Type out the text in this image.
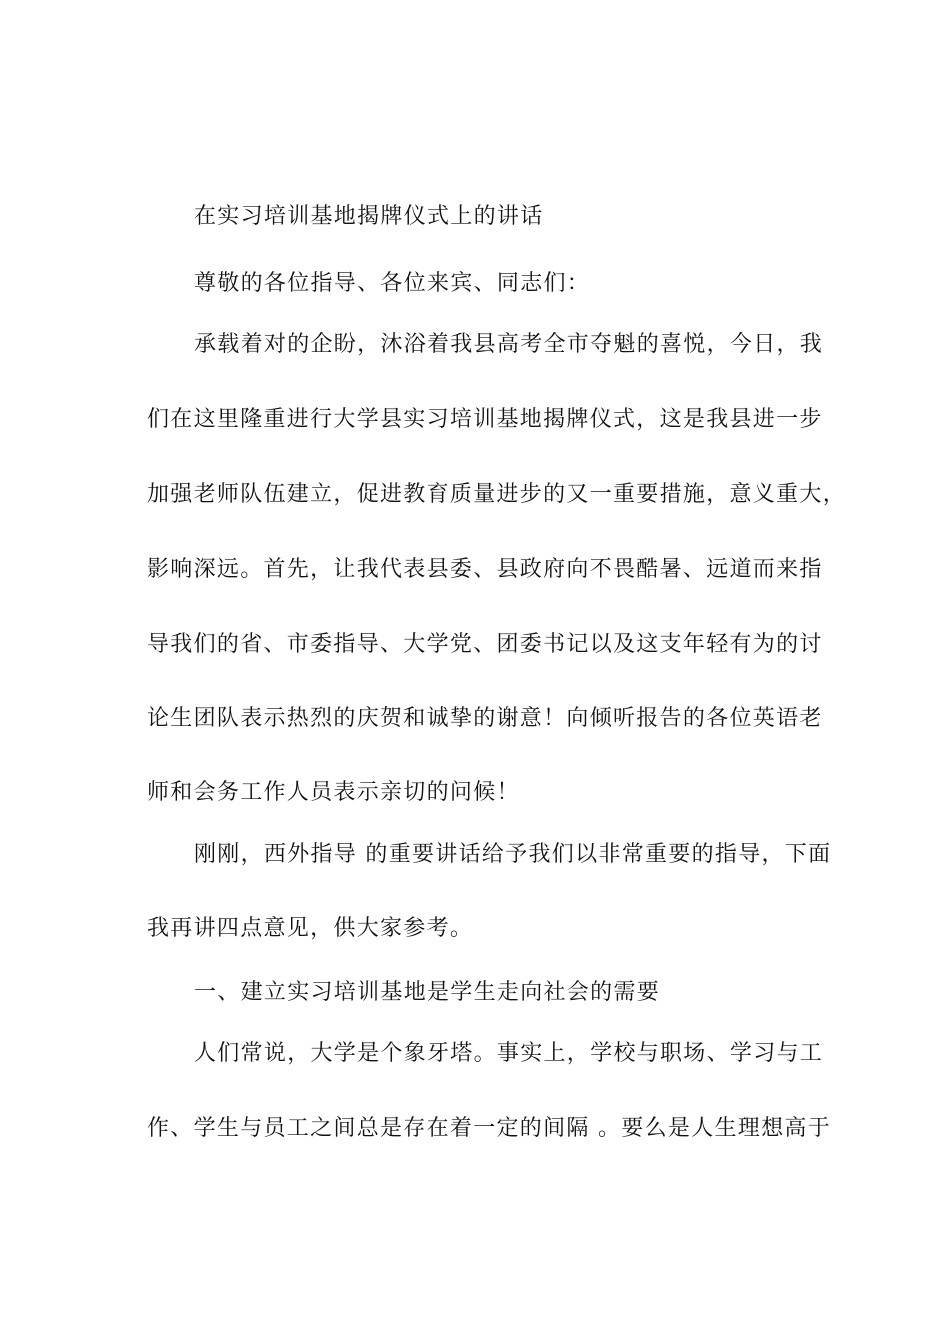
在实习培训基地揭牌仪式上的讲话

尊敬的各位指导、各位来宾、同志们：

承载着对的企盼，沐浴着我县高考全市夺魁的喜悦，今日，我

们在这里隆重进行大学县实习培训基地揭牌仪式，这是我县进一步

加强老师队伍建立，促进教育质量进步的又一重要措施，意义重大，

影响深远。首先，让我代表县委、县政府向不畏酷暑、远道而来指

导我们的省、市委指导、大学党、团委书记以及这支年轻有为的讨

论生团队表示热烈的庆贺和诚挚的谢意！向倾听报告的各位英语老

师和会务工作人员表示亲切的问候！

刚刚，西外指导 的重要讲话给予我们以非常重要的指导，下面

我再讲四点意见，供大家参考。

一、建立实习培训基地是学生走向社会的需要

人们常说，大学是个象牙塔。事实上，学校与职场、学习与工

作、学生与员工之间总是存在着一定的间隔 。要么是人生理想高于
